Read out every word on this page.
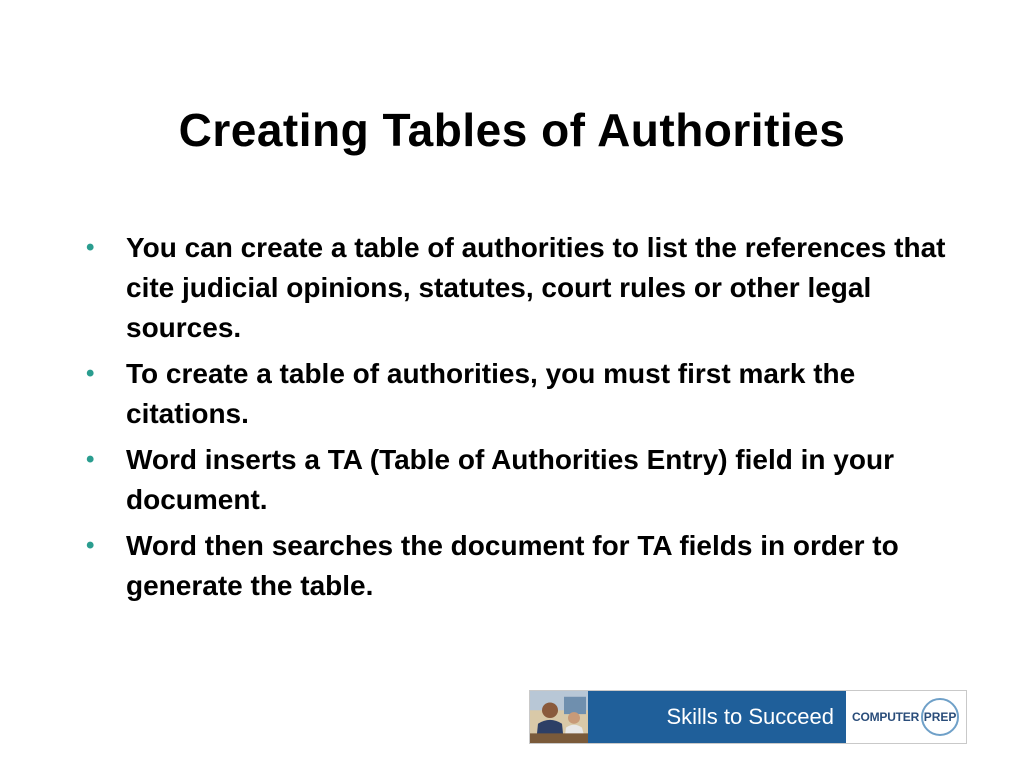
Creating Tables of Authorities
• You can create a table of authorities to list the references that cite judicial opinions, statutes, court rules or other legal sources.
• To create a table of authorities, you must first mark the citations.
• Word inserts a TA (Table of Authorities Entry) field in your document.
• Word then searches the document for TA fields in order to generate the table.
Skills to Succeed COMPUTER PREP
